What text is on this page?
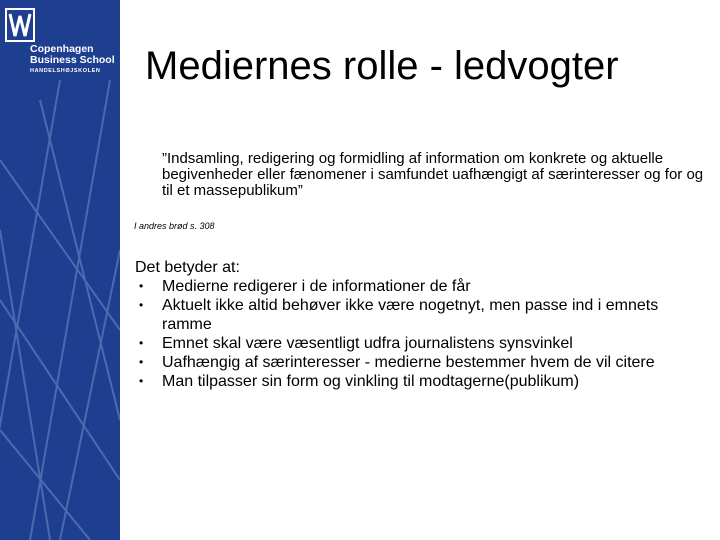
Copenhagen
Business School
HANDELSHØJSKOLEN	Mediernes rolle - ledvogter

”Indsamling, redigering og formidling af information om konkrete og aktuelle begivenheder eller fænomener i samfundet uafhængigt af særinteresser og for og til et massepublikum”

I andres brød s. 308

Det betyder at:

• Medierne redigerer i de informationer de får
• Aktuelt ikke altid behøver ikke være nogetnyt, men passe ind i emnets ramme
• Emnet skal være væsentligt udfra journalistens synsvinkel
• Uafhængig af særinteresser - medierne bestemmer hvem de vil citere
• Man tilpasser sin form og vinkling til modtagerne(publikum)
